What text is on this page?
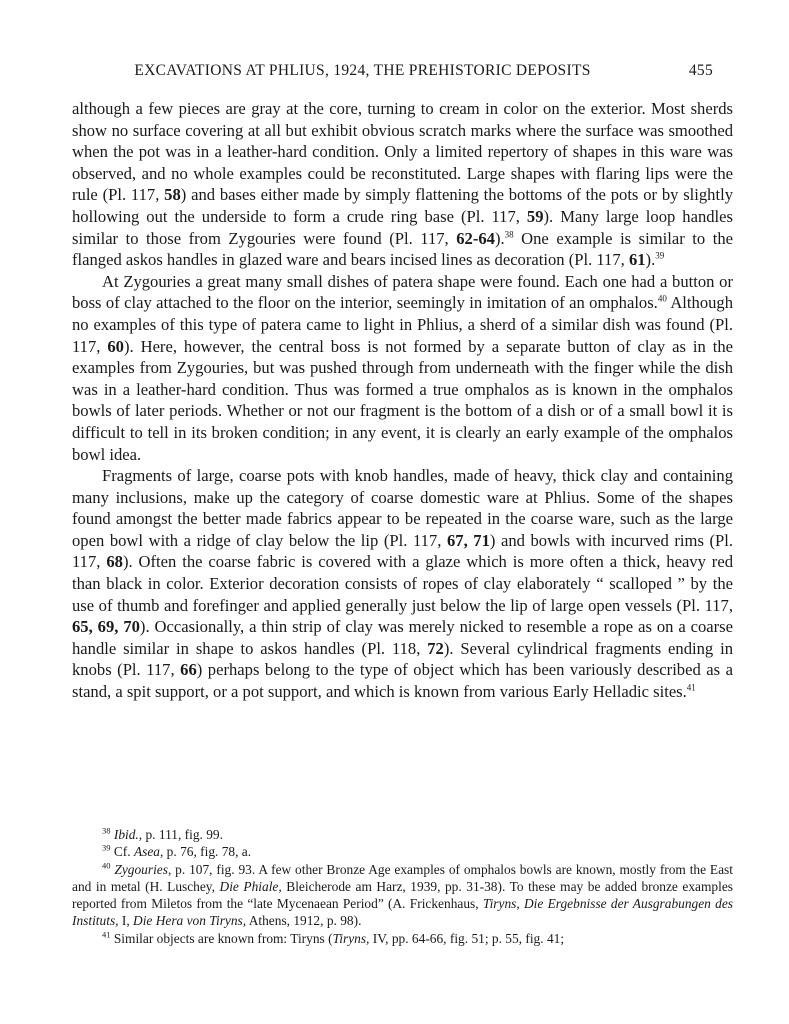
EXCAVATIONS AT PHLIUS, 1924, THE PREHISTORIC DEPOSITS	455

although a few pieces are gray at the core, turning to cream in color on the exterior. Most sherds show no surface covering at all but exhibit obvious scratch marks where the surface was smoothed when the pot was in a leather-hard condition. Only a limited repertory of shapes in this ware was observed, and no whole examples could be reconstituted. Large shapes with flaring lips were the rule (Pl. 117, 58) and bases either made by simply flattening the bottoms of the pots or by slightly hollowing out the underside to form a crude ring base (Pl. 117, 59). Many large loop handles similar to those from Zygouries were found (Pl. 117, 62-64).$^{38}$ One example is similar to the flanged askos handles in glazed ware and bears incised lines as decoration (Pl. 117, 61).$^{39}$

At Zygouries a great many small dishes of patera shape were found. Each one had a button or boss of clay attached to the floor on the interior, seemingly in imitation of an omphalos.$^{40}$ Although no examples of this type of patera came to light in Phlius, a sherd of a similar dish was found (Pl. 117, 60). Here, however, the central boss is not formed by a separate button of clay as in the examples from Zygouries, but was pushed through from underneath with the finger while the dish was in a leather-hard condition. Thus was formed a true omphalos as is known in the omphalos bowls of later periods. Whether or not our fragment is the bottom of a dish or of a small bowl it is difficult to tell in its broken condition; in any event, it is clearly an early example of the omphalos bowl idea.

Fragments of large, coarse pots with knob handles, made of heavy, thick clay and containing many inclusions, make up the category of coarse domestic ware at Phlius. Some of the shapes found amongst the better made fabrics appear to be repeated in the coarse ware, such as the large open bowl with a ridge of clay below the lip (Pl. 117, 67, 71) and bowls with incurved rims (Pl. 117, 68). Often the coarse fabric is covered with a glaze which is more often a thick, heavy red than black in color. Exterior decoration consists of ropes of clay elaborately “ scalloped ” by the use of thumb and forefinger and applied generally just below the lip of large open vessels (Pl. 117, 65, 69, 70). Occasionally, a thin strip of clay was merely nicked to resemble a rope as on a coarse handle similar in shape to askos handles (Pl. 118, 72). Several cylindrical fragments ending in knobs (Pl. 117, 66) perhaps belong to the type of object which has been variously described as a stand, a spit support, or a pot support, and which is known from various Early Helladic sites.$^{41}$

$^{38}$ Ibid., p. 111, fig. 99.

$^{39}$ Cf. Asea, p. 76, fig. 78, a.

$^{40}$ Zygouries, p. 107, fig. 93. A few other Bronze Age examples of omphalos bowls are known, mostly from the East and in metal (H. Luschey, Die Phiale, Bleicherode am Harz, 1939, pp. 31-38). To these may be added bronze examples reported from Miletos from the “late Mycenaean Period” (A. Frickenhaus, Tiryns, Die Ergebnisse der Ausgrabungen des Instituts, I, Die Hera von Tiryns, Athens, 1912, p. 98).

$^{41}$ Similar objects are known from: Tiryns (Tiryns, IV, pp. 64-66, fig. 51; p. 55, fig. 41;
